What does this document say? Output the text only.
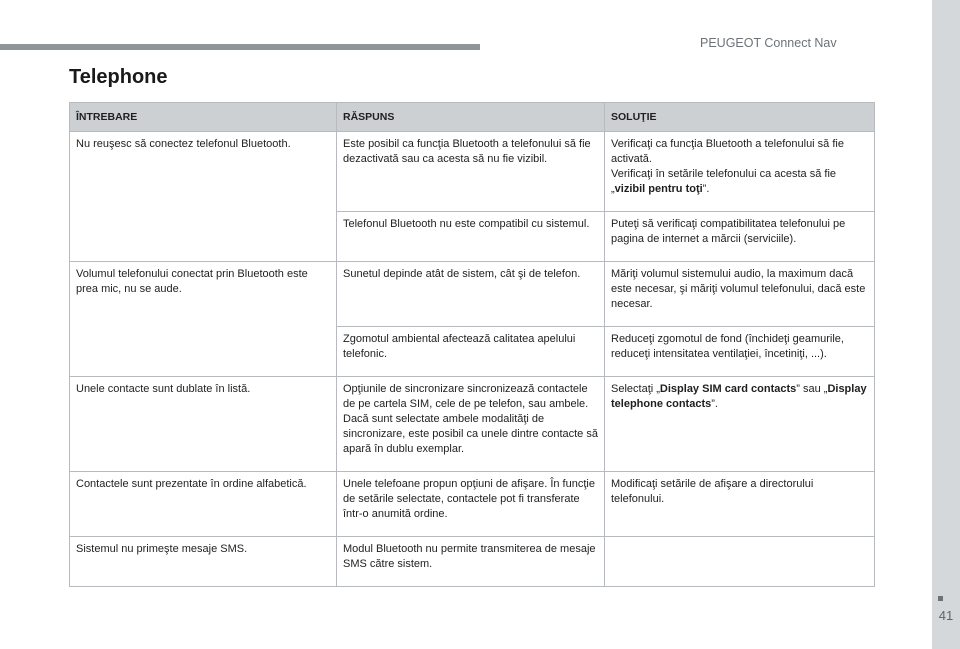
PEUGEOT Connect Nav
41
Telephone
ÎNTREBARE	RĂSPUNS	SOLUŢIE
Nu reuşesc să conectez telefonul Bluetooth.	Este posibil ca funcţia Bluetooth a telefonului să fie dezactivată sau ca acesta să nu fie vizibil.	Verificaţi ca funcţia Bluetooth a telefonului să fie activată.
Verificaţi în setările telefonului ca acesta să fie „vizibil pentru toţi”.
	Telefonul Bluetooth nu este compatibil cu sistemul.	Puteţi să verificaţi compatibilitatea telefonului pe pagina de internet a mărcii (serviciile).
Volumul telefonului conectat prin Bluetooth este prea mic, nu se aude.	Sunetul depinde atât de sistem, cât şi de telefon.	Măriţi volumul sistemului audio, la maximum dacă este necesar, şi măriţi volumul telefonului, dacă este necesar.
	Zgomotul ambiental afectează calitatea apelului telefonic.	Reduceţi zgomotul de fond (închideţi geamurile, reduceţi intensitatea ventilaţiei, încetiniţi, ...).
Unele contacte sunt dublate în listă.	Opţiunile de sincronizare sincronizează contactele de pe cartela SIM, cele de pe telefon, sau ambele. Dacă sunt selectate ambele modalităţi de sincronizare, este posibil ca unele dintre contacte să apară în dublu exemplar.	Selectaţi „Display SIM card contacts” sau „Display telephone contacts”.
Contactele sunt prezentate în ordine alfabetică.	Unele telefoane propun opţiuni de afişare. În funcţie de setările selectate, contactele pot fi transferate într-o anumită ordine.	Modificaţi setările de afişare a directorului telefonului.
Sistemul nu primeşte mesaje SMS.	Modul Bluetooth nu permite transmiterea de mesaje SMS către sistem.	
